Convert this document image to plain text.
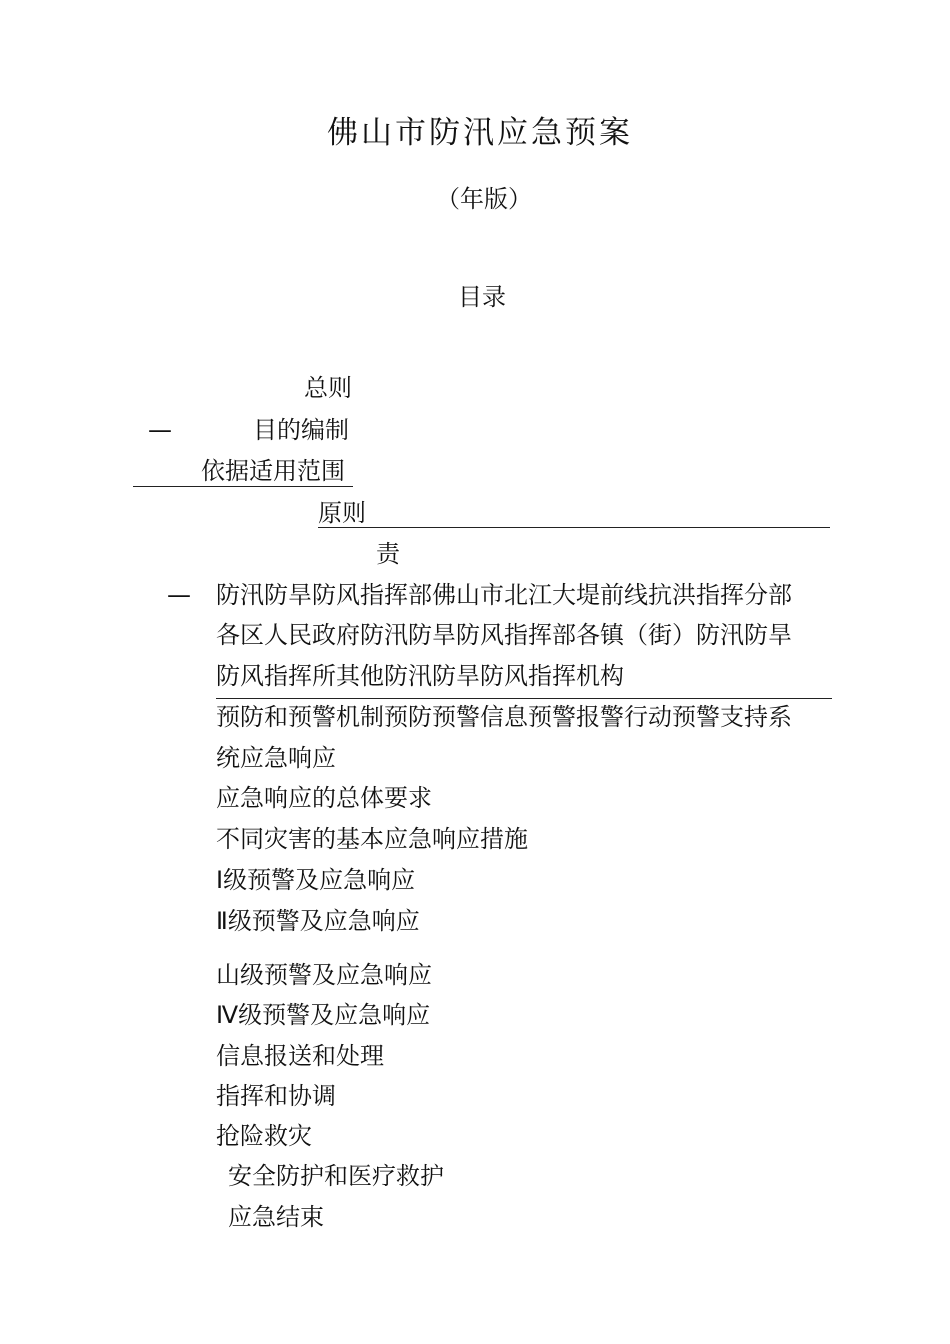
佛山市防汛应急预案
（年版）
目录
总则
—	目的编制
依据适用范围
原则
责
— 防汛防旱防风指挥部佛山市北江大堤前线抗洪指挥分部
各区人民政府防汛防旱防风指挥部各镇（街）防汛防旱
防风指挥所其他防汛防旱防风指挥机构
预防和预警机制预防预警信息预警报警行动预警支持系
统应急响应
应急响应的总体要求
不同灾害的基本应急响应措施
Ⅰ级预警及应急响应
Ⅱ级预警及应急响应
山级预警及应急响应
Ⅳ级预警及应急响应
信息报送和处理
指挥和协调
抢险救灾
安全防护和医疗救护
应急结束
